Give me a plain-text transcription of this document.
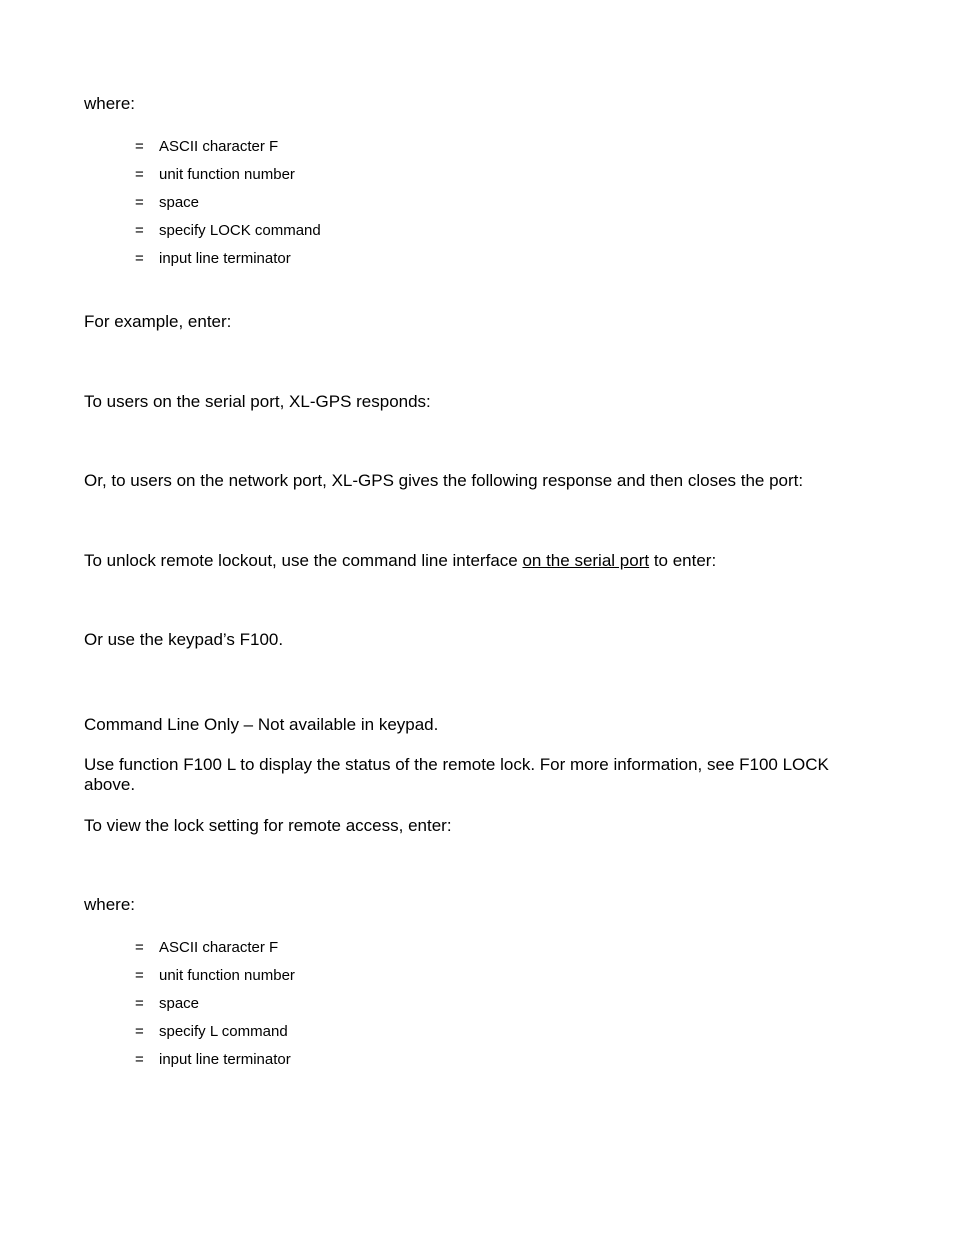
where:

= ASCII character F
= unit function number
= space
= specify LOCK command
= input line terminator

For example, enter:

To users on the serial port, XL-GPS responds:

Or, to users on the network port, XL-GPS gives the following response and then closes the port:

To unlock remote lockout, use the command line interface on the serial port to enter:

Or use the keypad’s F100.

Command Line Only – Not available in keypad.

Use function F100 L to display the status of the remote lock. For more information, see F100 LOCK above.

To view the lock setting for remote access, enter:

where:

= ASCII character F
= unit function number
= space
= specify L command
= input line terminator
